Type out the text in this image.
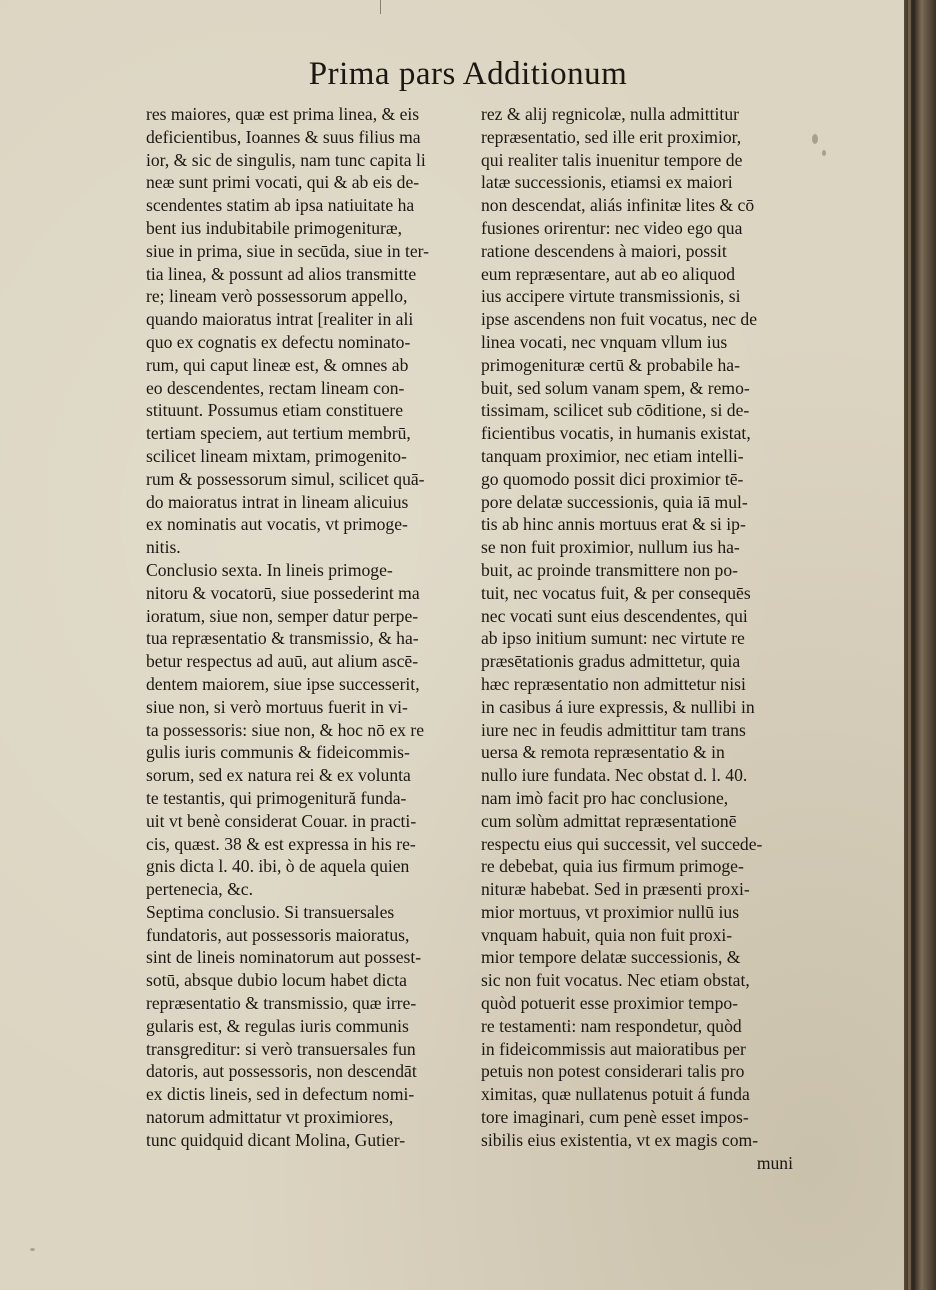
Prima pars Additionum
res maiores, quæ est prima linea, & eis
deficientibus, Ioannes & suus filius ma
ior, & sic de singulis, nam tunc capita li
neæ sunt primi vocati, qui & ab eis de-
scendentes statim ab ipsa natiuitate ha
bent ius indubitabile primogenituræ,
siue in prima, siue in secūda, siue in ter-
tia linea, & possunt ad alios transmitte
re; lineam verò possessorum appello,
quando maioratus intrat [realiter in ali
quo ex cognatis ex defectu nominato-
rum, qui caput lineæ est, & omnes ab
eo descendentes, rectam lineam con-
stituunt. Possumus etiam constituere
tertiam speciem, aut tertium membrū,
scilicet lineam mixtam, primogenito-
rum & possessorum simul, scilicet quā-
do maioratus intrat in lineam alicuius
ex nominatis aut vocatis, vt primoge-
nitis.
Conclusio sexta. In lineis primoge-
nitoru & vocatorū, siue possederint ma
ioratum, siue non, semper datur perpe-
tua repræsentatio & transmissio, & ha-
betur respectus ad auū, aut alium ascē-
dentem maiorem, siue ipse successerit,
siue non, si verò mortuus fuerit in vi-
ta possessoris: siue non, & hoc nō ex re
gulis iuris communis & fideicommis-
sorum, sed ex natura rei & ex volunta
te testantis, qui primogenitură funda-
uit vt benè considerat Couar. in practi-
cis, quæst. 38 & est expressa in his re-
gnis dicta l. 40. ibi, ò de aquela quien
pertenecia, &c.
Septima conclusio. Si transuersales
fundatoris, aut possessoris maioratus,
sint de lineis nominatorum aut possest-
sotū, absque dubio locum habet dicta
repræsentatio & transmissio, quæ irre-
gularis est, & regulas iuris communis
transgreditur: si verò transuersales fun
datoris, aut possessoris, non descendāt
ex dictis lineis, sed in defectum nomi-
natorum admittatur vt proximiores,
tunc quidquid dicant Molina, Gutier-
rez & alij regnicolæ, nulla admittitur
repræsentatio, sed ille erit proximior,
qui realiter talis inuenitur tempore de
latæ successionis, etiamsi ex maiori
non descendat, aliás infinitæ lites & cō
fusiones orirentur: nec video ego qua
ratione descendens à maiori, possit
eum repræsentare, aut ab eo aliquod
ius accipere virtute transmissionis, si
ipse ascendens non fuit vocatus, nec de
linea vocati, nec vnquam vllum ius
primogenituræ certū & probabile ha-
buit, sed solum vanam spem, & remo-
tissimam, scilicet sub cōditione, si de-
ficientibus vocatis, in humanis existat,
tanquam proximior, nec etiam intelli-
go quomodo possit dici proximior tē-
pore delatæ successionis, quia iā mul-
tis ab hinc annis mortuus erat & si ip-
se non fuit proximior, nullum ius ha-
buit, ac proinde transmittere non po-
tuit, nec vocatus fuit, & per consequēs
nec vocati sunt eius descendentes, qui
ab ipso initium sumunt: nec virtute re
præsētationis gradus admittetur, quia
hæc repræsentatio non admittetur nisi
in casibus á iure expressis, & nullibi in
iure nec in feudis admittitur tam trans
uersa & remota repræsentatio & in
nullo iure fundata. Nec obstat d. l. 40.
nam imò facit pro hac conclusione,
cum solùm admittat repræsentationē
respectu eius qui successit, vel succede-
re debebat, quia ius firmum primoge-
nituræ habebat. Sed in præsenti proxi-
mior mortuus, vt proximior nullū ius
vnquam habuit, quia non fuit proxi-
mior tempore delatæ successionis, &
sic non fuit vocatus. Nec etiam obstat,
quòd potuerit esse proximior tempo-
re testamenti: nam respondetur, quòd
in fideicommissis aut maioratibus per
petuis non potest considerari talis pro
ximitas, quæ nullatenus potuit á funda
tore imaginari, cum penè esset impos-
sibilis eius existentia, vt ex magis com-
muni
